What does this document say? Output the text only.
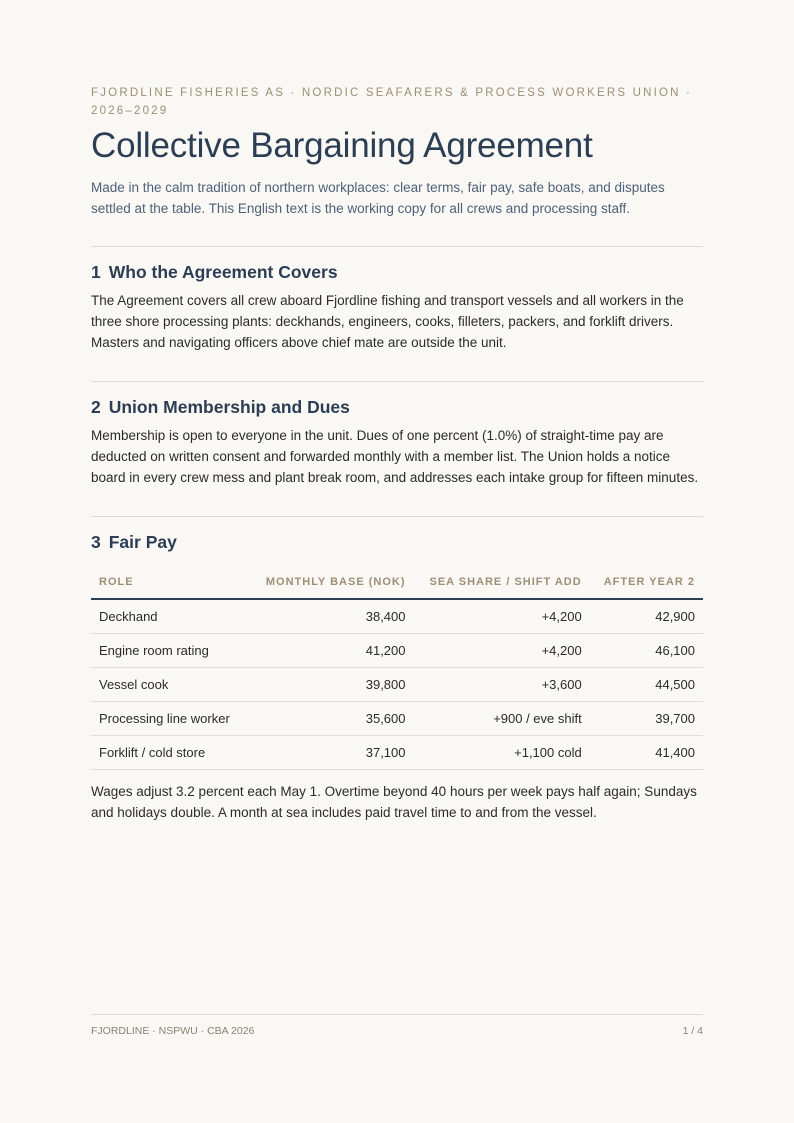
FJORDLINE FISHERIES AS · NORDIC SEAFARERS & PROCESS WORKERS UNION · 2026–2029
Collective Bargaining Agreement

Made in the calm tradition of northern workplaces: clear terms, fair pay, safe boats, and disputes settled at the table. This English text is the working copy for all crews and processing staff.

1 Who the Agreement Covers

The Agreement covers all crew aboard Fjordline fishing and transport vessels and all workers in the three shore processing plants: deckhands, engineers, cooks, filleters, packers, and forklift drivers. Masters and navigating officers above chief mate are outside the unit.

2 Union Membership and Dues

Membership is open to everyone in the unit. Dues of one percent (1.0%) of straight-time pay are deducted on written consent and forwarded monthly with a member list. The Union holds a notice board in every crew mess and plant break room, and addresses each intake group for fifteen minutes.

3 Fair Pay
ROLE	MONTHLY BASE (NOK)	SEA SHARE / SHIFT ADD	AFTER YEAR 2
Deckhand	38,400	+4,200	42,900
Engine room rating	41,200	+4,200	46,100
Vessel cook	39,800	+3,600	44,500
Processing line worker	35,600	+900 / eve shift	39,700
Forklift / cold store	37,100	+1,100 cold	41,400

Wages adjust 3.2 percent each May 1. Overtime beyond 40 hours per week pays half again; Sundays and holidays double. A month at sea includes paid travel time to and from the vessel.

FJORDLINE · NSPWU · CBA 2026	1 / 4
